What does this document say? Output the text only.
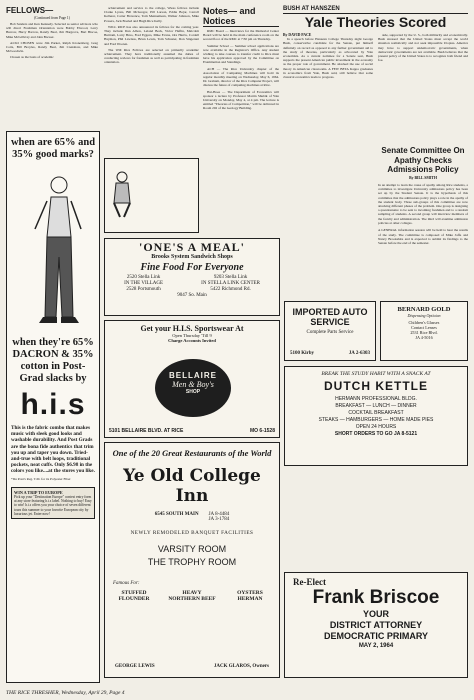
FELLOWS—
(Continued from Page 1)

Bob Sanders and Ken Kennedy. Selected as senior advisors who will direct Freshman Orientation were Bobby Elwood, Larry Burrow, Harry Barrow, Randy Beal, Jim Hargrove, Bart Biscoe, Mike McGillvray and John Brewer.

ALSO CHOSEN were Jim Parker, Ralph Kronenberg, Greg Cotis, Bill Broyles, Randy Beal, Jim Crenshaw, and Mike McGoodwin.

Chosen as the basis of academic

when are 65% and 35% good marks?
when they're 65% DACRON & 35% cotton in Post-Grad slacks by
h.i.s
This is the fabric combo that makes music with sleek good looks and washable durability. And Post Grads are the bona fide authentics that trim you up and taper you down. Tried-and-true with belt loops, traditional pockets, neat cuffs. Only $6.98 in the colors you like....at the stores you like.
*Du Pont's Reg. T.M. for its Polyester Fiber
WIN A TRIP TO EUROPE
Pick up your "Destination Europe" contest entry form at any store featuring h.i.s label. Nothing to buy! Easy to win! h.i.s offers you your choice of seven different tours this summer to your favorite European city by luxurious jet. Enter now!

achievement and service to the college, Wiess fellows include Clarke Lyons, Bill McGregor, Pill Larson, Eddie Bojar, Carroll Kellerer, Carter Bravence, Tom Mennemean, Walker Johnson, Mike Powers, Jack Boaled and Hugh Rice Kelly.

WILL RICE has also announced its fellows for the coming year. They include Dan Albon, Leland Beck, Victor Heflin, Malcolm Buttram, Larry Bruo, Fred Eggers, Mike Evans, Ora Harris, Cordell Haymon, Phil Lawless, Brian Lewis, Tom Schuster, Don Singerant and Fred Wooten.

The Will Rice Fellows are selected on primarily academic achievement. They have traditionally assumed the duties of conducting reviews for freshmen as well as participating in freshman orientation.

Notes— and Notices

RMC Board — Interviews for the Memorial Center Board will be held in the main conference room on the second floor of the RMC at 7:30 pm on Thursday.

Summer School — Summer school applications are now available in the Registrar's Office. Any student wishing to take courses to transfer credit to Rice must have his application approved by the Committee on Examination and Standings.

ACH — The Rice University chapter of the Association of Computing Machines will hold its regular monthly meeting on Wednesday, May 6, 1964. Dr. Graham, director of the Rice Computer Project, will discuss the future of computing machines at Rice.

Hat-Hoee — The Department of Economics will sponsor a lecture by Professor Martin Shubik of Yale University on Monday, May 4, at 4 pm. The lecture is entitled "Theories of Competition," will be delivered in Room 202 of the Geology Building.

BUSH AT HANSZEN
Yale Theories Scored
By DAVID PACE

In a speech before Hanszen College Thursday night George Bush, conservative candidate for the Senate, put himself definitely on record as opposed to any further government aid to the study of theories, particularly as advocated by Yale economists. As a current nominee for a Senate seat, Bush supports the present American public investment in the economy as the proper role of government. He attacked the use of social theory in American classrooms. A FEW BETA Kappa graduates in economics from Yale, Bush said, still believe that some classical economics leads to progress.

aide, supported by the U. S., both militarily and economically. Bush stressed that the United States must accept the world situation realistically and not seek impossible Utopias. America may have to support undemocratic governments, when democratic governments are not available. Bush believes that the present policy of the United States is to recognize both friend and foe.

Senate Committee On Apathy Checks Admissions Policy
By BILL SMITH

In an attempt to learn the cause of apathy among Rice students, a committee to investigate University admissions policy has been set up by the Student Senate. It is the hypothesis of this committee that the admissions policy plays a role in the apathy of the student body. Three sub-groups of this committee are now attacking different phases of the problem. One group is designing a questionnaire to be sent to incoming freshmen and to a random sampling of students. A second group will interview members of the faculty and administration. The third will examine admission policies at other colleges.

A GENERAL information session will be held to hear the results of the study. The committee is composed of Mike Jaffe and Nancy Brookshire and is expected to submit its findings to the Senate before the end of the semester.

'ONE'S A MEAL'
Brooks System Sandwich Shops
Fine Food For Everyone
2520 Stella Link
IN THE VILLAGE
2528 Portsmouth
9203 Stella Link
IN STELLA LINK CENTER
5422 Richmond Rd.
9047 So. Main
Get your H.I.S. Sportswear At
Open Thursday 'Till 9
Charge Accounts Invited
BELLAIRE
Men & Boy's
SHOP
5101 BELLAIRE BLVD. AT RICE	MO 6-1528
One of the 20 Great Restaurants of the World
Ye Old College Inn
6545 SOUTH MAIN JA 8-4484
JA 3-1784
NEWLY REMODELED BANQUET FACILITIES
VARSITY ROOM
THE TROPHY ROOM
Famous For:
STUFFED FLOUNDER
HEAVY NORTHERN BEEF
OYSTERS HERMAN
GEORGE LEWIS	JACK GLAROS, Owners
IMPORTED AUTO SERVICE
Complete Parts Service
5100 Kirby	JA 2-6303
BERNARD GOLD
Dispensing Optician
Children's Glasses
Contact Lenses
2531 Rice Blvd.
JA 4-5016
BREAK THE STUDY HABIT WITH A SNACK AT
DUTCH KETTLE
HERMANN PROFESSIONAL BLDG.
BREAKFAST — LUNCH — DINNER
COCKTAIL BREAKFAST
STEAKS — HAMBURGERS — HOME MADE PIES
OPEN 24 HOURS
SHORT ORDERS TO GO JA 8-5121
Re-Elect
Frank Briscoe
YOUR
DISTRICT ATTORNEY
DEMOCRATIC PRIMARY
MAY 2, 1964
THE RICE THRESHER, Wednesday, April 29, Page 4
